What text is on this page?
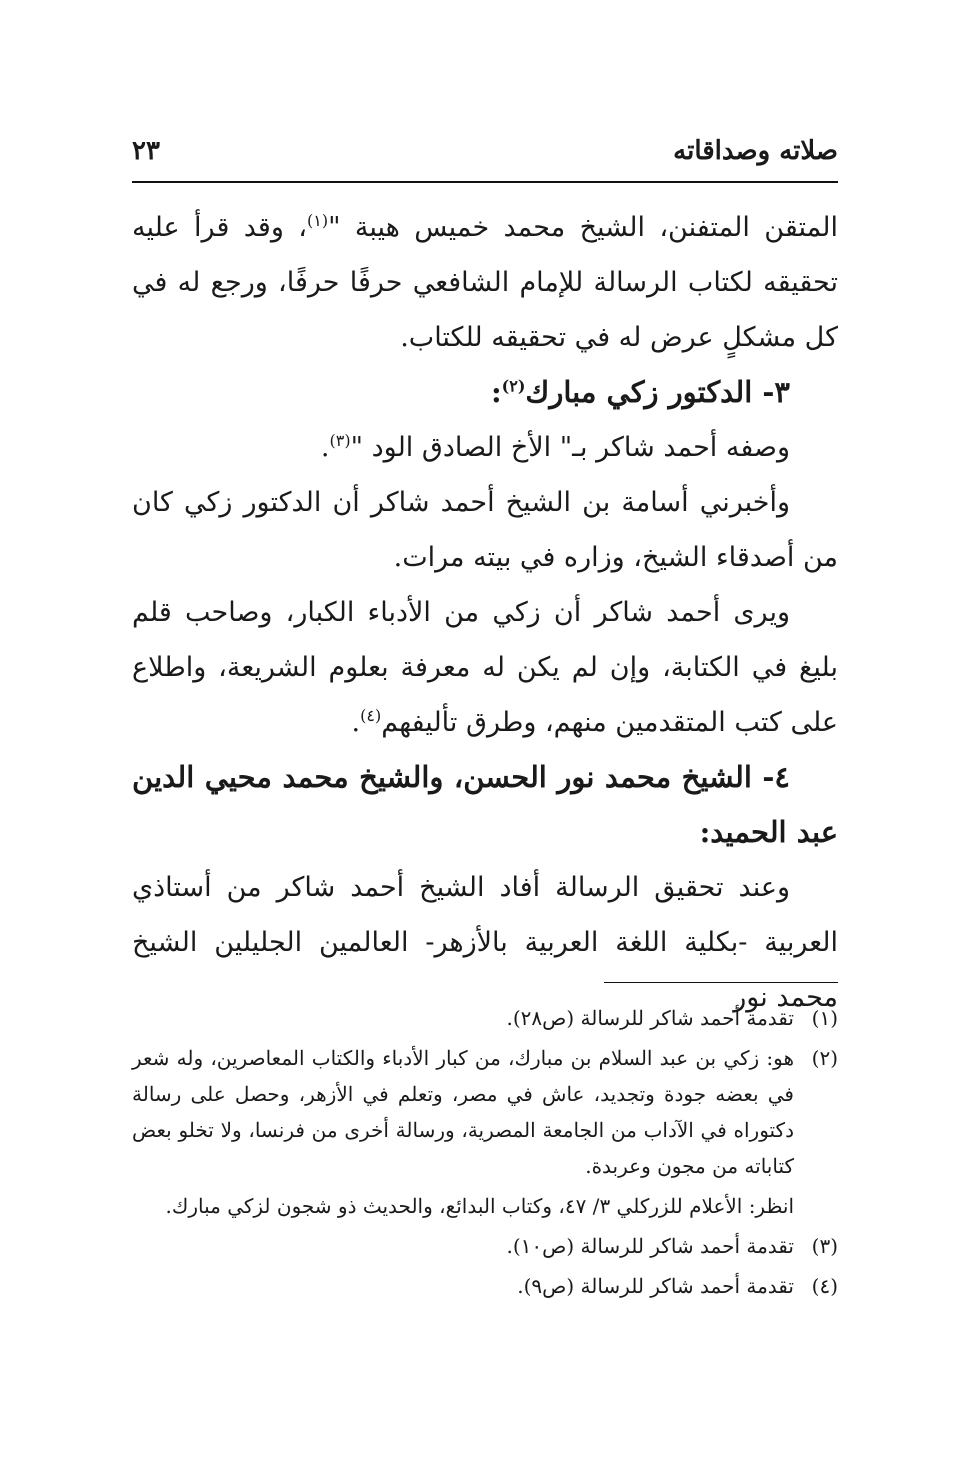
صلاته وصداقاته
٢٣

المتقن المتفنن، الشيخ محمد خميس هيبة "$^{(١)}$، وقد قرأ عليه تحقيقه لكتاب الرسالة للإمام الشافعي حرفًا حرفًا، ورجع له في كل مشكلٍ عرض له في تحقيقه للكتاب.

٣- الدكتور زكي مبارك$^{(٢)}$:

وصفه أحمد شاكر بـ" الأخ الصادق الود "$^{(٣)}$.

وأخبرني أسامة بن الشيخ أحمد شاكر أن الدكتور زكي كان من أصدقاء الشيخ، وزاره في بيته مرات.

ويرى أحمد شاكر أن زكي من الأدباء الكبار، وصاحب قلم بليغ في الكتابة، وإن لم يكن له معرفة بعلوم الشريعة، واطلاع على كتب المتقدمين منهم، وطرق تأليفهم$^{(٤)}$.

٤- الشيخ محمد نور الحسن، والشيخ محمد محيي الدين عبد الحميد:

وعند تحقيق الرسالة أفاد الشيخ أحمد شاكر من أستاذي العربية -بكلية اللغة العربية بالأزهر- العالمين الجليلين الشيخ محمد نور

(١)
تقدمة أحمد شاكر للرسالة (ص٢٨).
(٢)
هو: زكي بن عبد السلام بن مبارك، من كبار الأدباء والكتاب المعاصرين، وله شعر في بعضه جودة وتجديد، عاش في مصر، وتعلم في الأزهر، وحصل على رسالة دكتوراه في الآداب من الجامعة المصرية، ورسالة أخرى من فرنسا، ولا تخلو بعض كتاباته من مجون وعربدة.
انظر: الأعلام للزركلي ٣/ ٤٧، وكتاب البدائع، والحديث ذو شجون لزكي مبارك.
(٣)
تقدمة أحمد شاكر للرسالة (ص١٠).
(٤)
تقدمة أحمد شاكر للرسالة (ص٩).
